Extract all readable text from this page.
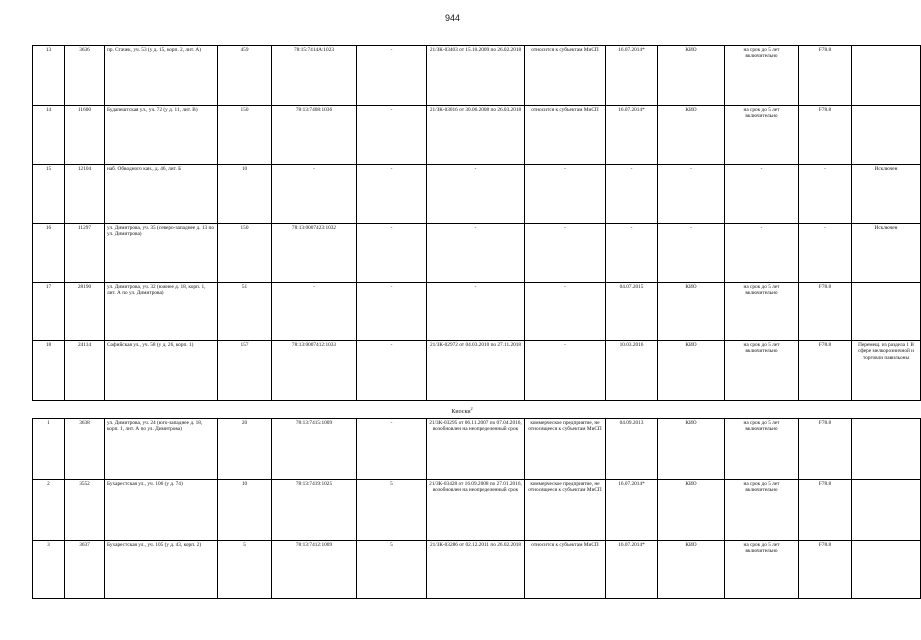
944
13	3636	пр. Стачек, уч. 53 (у д. 15, корп. 2, лит. А)	459	78:15:7414А:1023	-	21/ЗК-03403 от 15.10.2009 по 26.02.2018	относится к субъектам МиСП	16.07.2014*	КИО	на срок до 5 лет включительно	F78.8	
14	11600	Будапештская ул., уч. 72 (у д. 11, лит. В)	150	78:13:7408:1036	-	21/ЗК-03016 от 30.06.2008 по 26.03.2018	относится к субъектам МиСП	16.07.2014*	КИО	на срок до 5 лет включительно	F78.8	
15	12104	наб. Обводного кан., д. 46, лит. Б	10	-	-	-	-	-	-	-	-	Исключен
16	11297	ул. Димитрова, уч. 35 (северо-западнее д. 13 по ул. Димитрова)	150	78:13:0007423:1032	-	-	-	-	-	-	-	Исключен
17	28190	ул. Димитрова, уч. 32 (южнее д. 18, корп. 1, лит. А по ул. Димитрова)	51	-	-	-	-	04.07.2015	КИО	на срок до 5 лет включительно	F78.8	
18	24114	Софийская ул., уч. 58 (у д. 26, корп. 1)	157	78:13:0007412:1033	-	21/ЗК-02972 от 04.03.2010 по 27.11.2018	-	10.03.2016	КИО	на срок до 5 лет включительно	F78.8	Перемещ. из раздела 1 В сфере мелкорозничной и торговли павильоны
Киоски$^2$
1	3638	ул. Димитрова, уч. 24 (юго-западнее д. 18, корп. 1, лит. А по ул. Димитрова)	20	78:13:7415:1009	-	21/ЗК-03295 от 06.11.2007 по 07.04.2016, возобновлен на неопределенный срок	коммерческое предприятие, не относящееся к субъектам МиСП	04.09.2013	КИО	на срок до 5 лет включительно	F78.8	
2	3552	Бухарестская ул., уч. 106 (у д. 74)	10	78:13:7419:1025	5	21/ЗК-03428 от 16.09.2008 по 27.01.2016, возобновлен на неопределенный срок	коммерческое предприятие, не относящееся к субъектам МиСП	16.07.2014*	КИО	на срок до 5 лет включительно	F78.8	
3	3637	Бухарестская ул., уч. 105 (у д. 43, корп. 2)	5	78:13:7412:1009	5	21/ЗК-03286 от 02.12.2011 по 26.02.2018	относится к субъектам МиСП	16.07.2014*	КИО	на срок до 5 лет включительно	F78.8	
